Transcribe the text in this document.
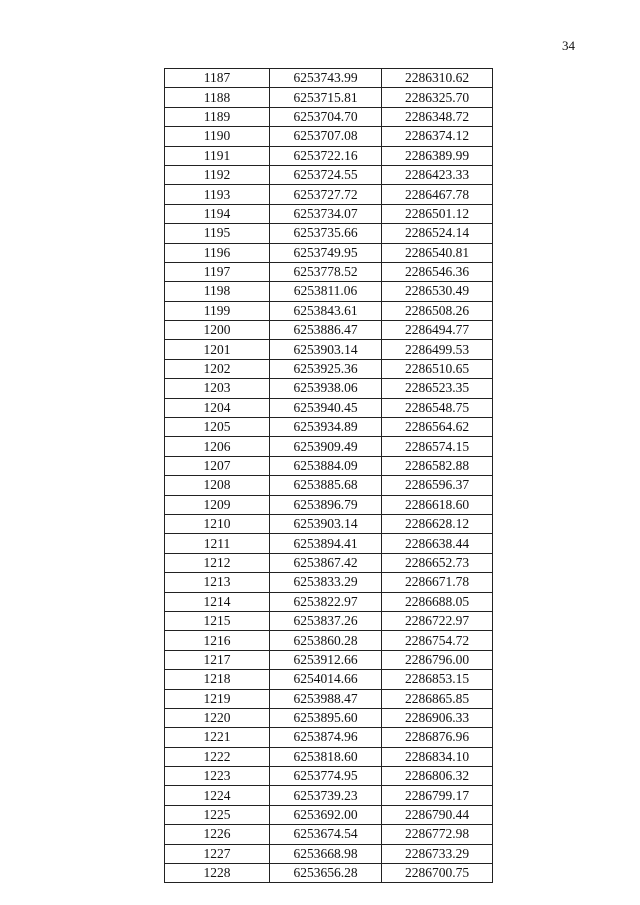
34
1187	6253743.99	2286310.62
1188	6253715.81	2286325.70
1189	6253704.70	2286348.72
1190	6253707.08	2286374.12
1191	6253722.16	2286389.99
1192	6253724.55	2286423.33
1193	6253727.72	2286467.78
1194	6253734.07	2286501.12
1195	6253735.66	2286524.14
1196	6253749.95	2286540.81
1197	6253778.52	2286546.36
1198	6253811.06	2286530.49
1199	6253843.61	2286508.26
1200	6253886.47	2286494.77
1201	6253903.14	2286499.53
1202	6253925.36	2286510.65
1203	6253938.06	2286523.35
1204	6253940.45	2286548.75
1205	6253934.89	2286564.62
1206	6253909.49	2286574.15
1207	6253884.09	2286582.88
1208	6253885.68	2286596.37
1209	6253896.79	2286618.60
1210	6253903.14	2286628.12
1211	6253894.41	2286638.44
1212	6253867.42	2286652.73
1213	6253833.29	2286671.78
1214	6253822.97	2286688.05
1215	6253837.26	2286722.97
1216	6253860.28	2286754.72
1217	6253912.66	2286796.00
1218	6254014.66	2286853.15
1219	6253988.47	2286865.85
1220	6253895.60	2286906.33
1221	6253874.96	2286876.96
1222	6253818.60	2286834.10
1223	6253774.95	2286806.32
1224	6253739.23	2286799.17
1225	6253692.00	2286790.44
1226	6253674.54	2286772.98
1227	6253668.98	2286733.29
1228	6253656.28	2286700.75
